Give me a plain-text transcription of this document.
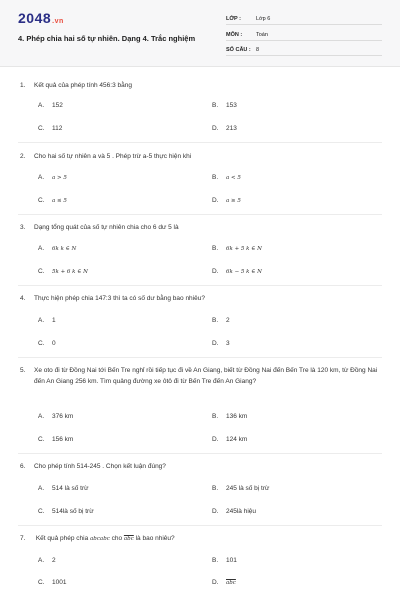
2048.vn
4. Phép chia hai số tự nhiên. Dạng 4. Trắc nghiệm
LỚP :	Lớp 6
MÔN :	Toán
SỐ CÂU : 8
1. Kết quả của phép tính 456:3 bằng
A. 152	B. 153
C. 112	D. 213
2. Cho hai số tự nhiên a và 5 . Phép trừ a-5 thực hiện khi
A. a > 5	B. a < 5
C. a ≤ 5	D. a ≥ 5
3. Dạng tổng quát của số tự nhiên chia cho 6 dư 5 là
A. 6k k ∈ N	B. 6k + 5 k ∈ N
C. 5k + 6 k ∈ N	D. 6k − 5 k ∈ N
4. Thực hiện phép chia 147:3 thì ta có số dư bằng bao nhiêu?
A. 1	B. 2
C. 0	D. 3
5.	Xe oto đi từ Đồng Nai tới Bến Tre nghỉ rồi tiếp tục đi về An Giang, biết từ Đồng Nai đến Bến Tre là 120 km, từ Đồng Nai đến An Giang 256 km. Tìm quảng đường xe ôtô đi từ Bến Tre đến An Giang?
A. 376 km	B. 136 km
C. 156 km	D. 124 km
6. Cho phép tính 514-245 . Chọn kết luận đúng?
A. 514 là số trừ	B. 245 là số bị trừ
C. 514là số bị trừ	D. 245là hiệu
7. Kết quả phép chia abcabc cho $\overline{abc}$ là bao nhiêu?
A. 2	B. 101
C. 1001	D. $\overline{abc}$
